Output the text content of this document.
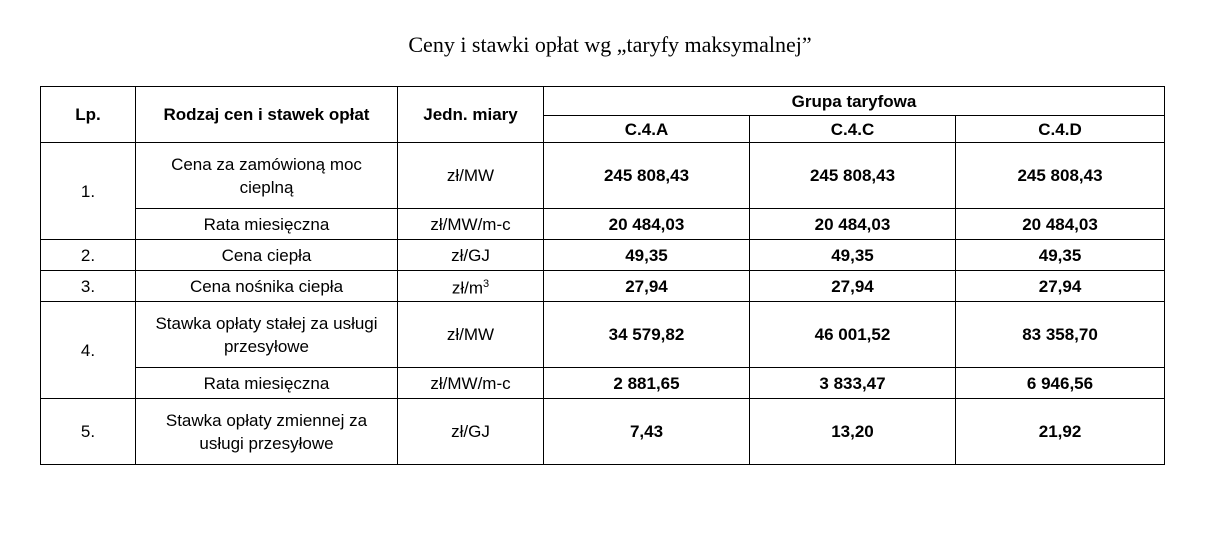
Ceny i stawki opłat wg „taryfy maksymalnej”
Lp.	Rodzaj cen i stawek opłat	Jedn. miary	Grupa taryfowa		
			C.4.A	C.4.C	C.4.D
1.	Cena za zamówioną moc cieplną	zł/MW	245 808,43	245 808,43	245 808,43
	Rata miesięczna	zł/MW/m-c	20 484,03	20 484,03	20 484,03
2.	Cena ciepła	zł/GJ	49,35	49,35	49,35
3.	Cena nośnika ciepła	$zł/m^3$	27,94	27,94	27,94
4.	Stawka opłaty stałej za usługi przesyłowe	zł/MW	34 579,82	46 001,52	83 358,70
	Rata miesięczna	zł/MW/m-c	2 881,65	3 833,47	6 946,56
5.	Stawka opłaty zmiennej za usługi przesyłowe	zł/GJ	7,43	13,20	21,92
